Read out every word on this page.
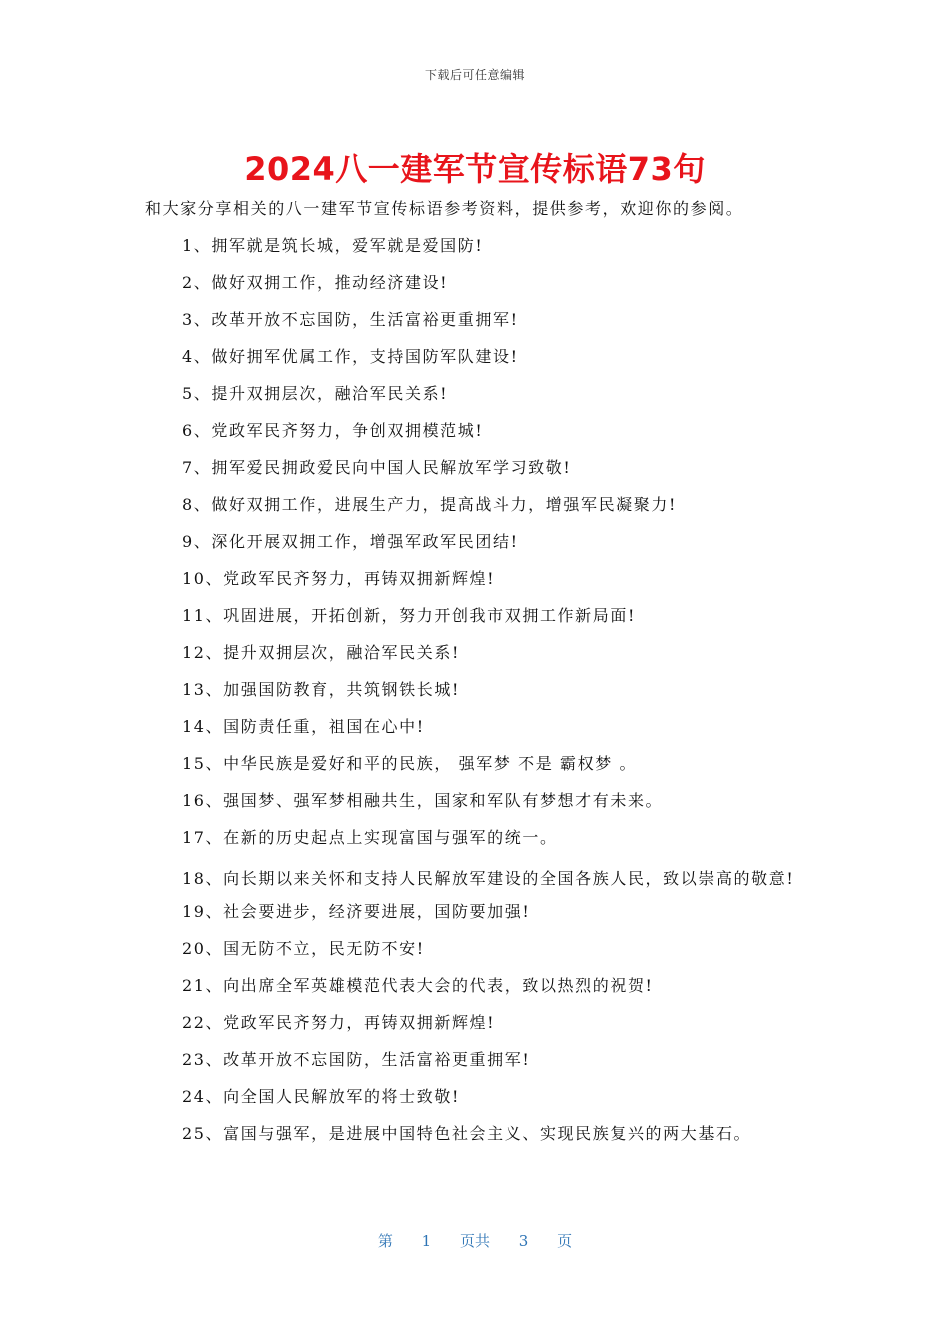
下载后可任意编辑
2024八一建军节宣传标语73句

和大家分享相关的八一建军节宣传标语参考资料，提供参考，欢迎你的参阅。

1、拥军就是筑长城，爱军就是爱国防!
2、做好双拥工作，推动经济建设!
3、改革开放不忘国防，生活富裕更重拥军!
4、做好拥军优属工作，支持国防军队建设!
5、提升双拥层次，融洽军民关系!
6、党政军民齐努力，争创双拥模范城!
7、拥军爱民拥政爱民向中国人民解放军学习致敬!
8、做好双拥工作，进展生产力，提高战斗力，增强军民凝聚力!
9、深化开展双拥工作，增强军政军民团结!
10、党政军民齐努力，再铸双拥新辉煌!
11、巩固进展，开拓创新，努力开创我市双拥工作新局面!
12、提升双拥层次，融洽军民关系!
13、加强国防教育，共筑钢铁长城!
14、国防责任重，祖国在心中!
15、中华民族是爱好和平的民族， 强军梦 不是 霸权梦 。
16、强国梦、强军梦相融共生，国家和军队有梦想才有未来。
17、在新的历史起点上实现富国与强军的统一。
18、向长期以来关怀和支持人民解放军建设的全国各族人民，致以崇高的敬意!
19、社会要进步，经济要进展，国防要加强!
20、国无防不立，民无防不安!
21、向出席全军英雄模范代表大会的代表，致以热烈的祝贺!
22、党政军民齐努力，再铸双拥新辉煌!
23、改革开放不忘国防，生活富裕更重拥军!
24、向全国人民解放军的将士致敬!
25、富国与强军，是进展中国特色社会主义、实现民族复兴的两大基石。
第 1 页共 3 页
